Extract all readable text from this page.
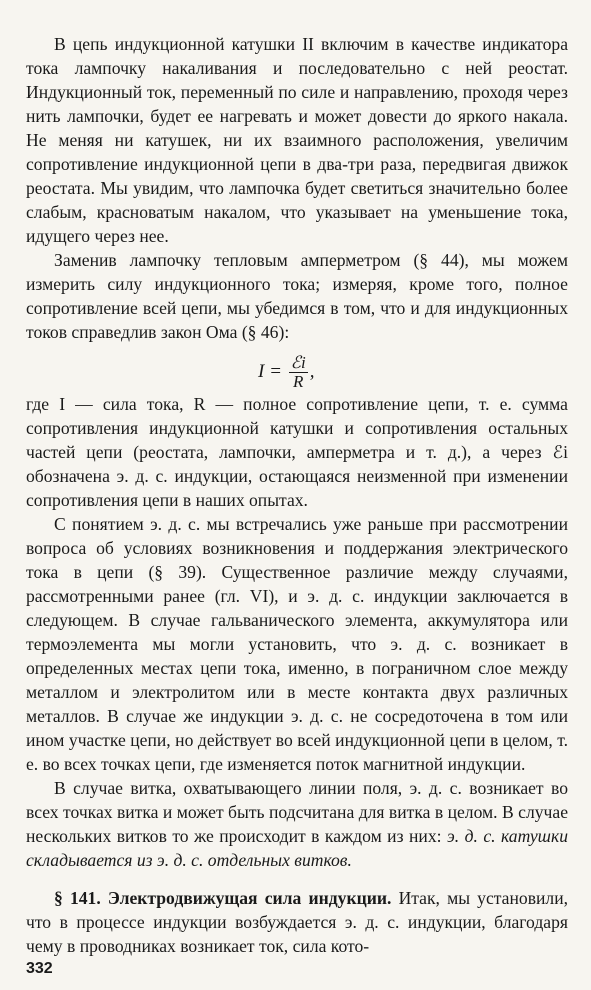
В цепь индукционной катушки II включим в качестве индикатора тока лампочку накаливания и последовательно с ней реостат. Индукционный ток, переменный по силе и направлению, проходя через нить лампочки, будет ее нагревать и может довести до яркого накала. Не меняя ни катушек, ни их взаимного расположения, увеличим сопротивление индукционной цепи в два-три раза, передвигая движок реостата. Мы увидим, что лампочка будет светиться значительно более слабым, красноватым накалом, что указывает на уменьшение тока, идущего через нее.

Заменив лампочку тепловым амперметром (§ 44), мы можем измерить силу индукционного тока; измеряя, кроме того, полное сопротивление всей цепи, мы убедимся в том, что и для индукционных токов справедлив закон Ома (§ 46):

$I = \frac{\text{ℰi}}{R}$ ,

где I — сила тока, R — полное сопротивление цепи, т. е. сумма сопротивления индукционной катушки и сопротивления остальных частей цепи (реостата, лампочки, амперметра и т. д.), а через ℰi обозначена э. д. с. индукции, остающаяся неизменной при изменении сопротивления цепи в наших опытах.

С понятием э. д. с. мы встречались уже раньше при рассмотрении вопроса об условиях возникновения и поддержания электрического тока в цепи (§ 39). Существенное различие между случаями, рассмотренными ранее (гл. VI), и э. д. с. индукции заключается в следующем. В случае гальванического элемента, аккумулятора или термоэлемента мы могли установить, что э. д. с. возникает в определенных местах цепи тока, именно, в пограничном слое между металлом и электролитом или в месте контакта двух различных металлов. В случае же индукции э. д. с. не сосредоточена в том или ином участке цепи, но действует во всей индукционной цепи в целом, т. е. во всех точках цепи, где изменяется поток магнитной индукции.

В случае витка, охватывающего линии поля, э. д. с. возникает во всех точках витка и может быть подсчитана для витка в целом. В случае нескольких витков то же происходит в каждом из них: э. д. с. катушки складывается из э. д. с. отдельных витков.

§ 141. Электродвижущая сила индукции. Итак, мы установили, что в процессе индукции возбуждается э. д. с. индукции, благодаря чему в проводниках возникает ток, сила кото-

332
